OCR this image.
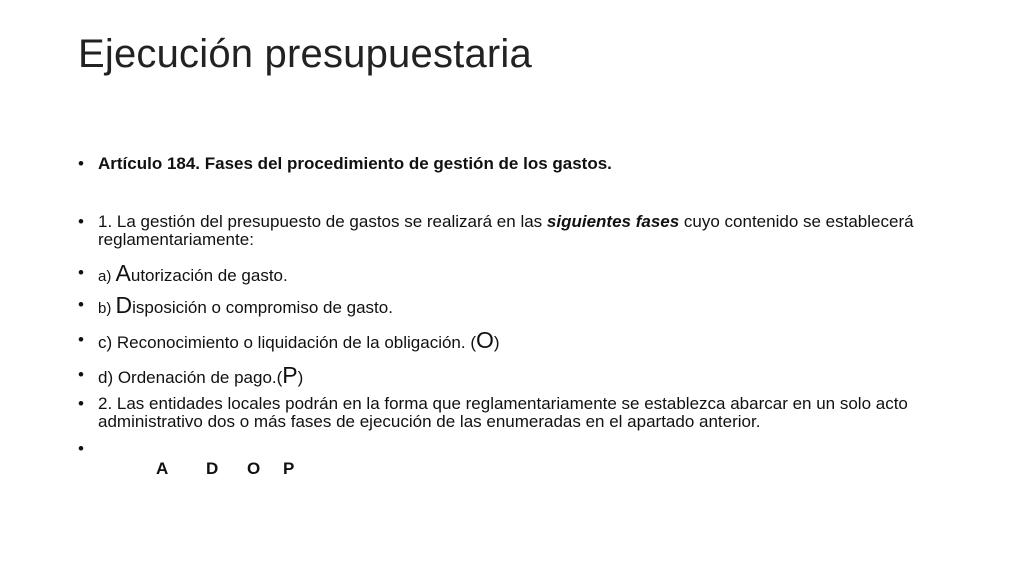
Ejecución presupuestaria
• Artículo 184. Fases del procedimiento de gestión de los gastos.
• 1. La gestión del presupuesto de gastos se realizará en las siguientes fases cuyo contenido se establecerá reglamentariamente:
• a) Autorización de gasto.
• b) Disposición o compromiso de gasto.
• c) Reconocimiento o liquidación de la obligación. (O)
• d) Ordenación de pago.(P)
• 2. Las entidades locales podrán en la forma que reglamentariamente se establezca abarcar en un solo acto administrativo dos o más fases de ejecución de las enumeradas en el apartado anterior.
•
A D O P
